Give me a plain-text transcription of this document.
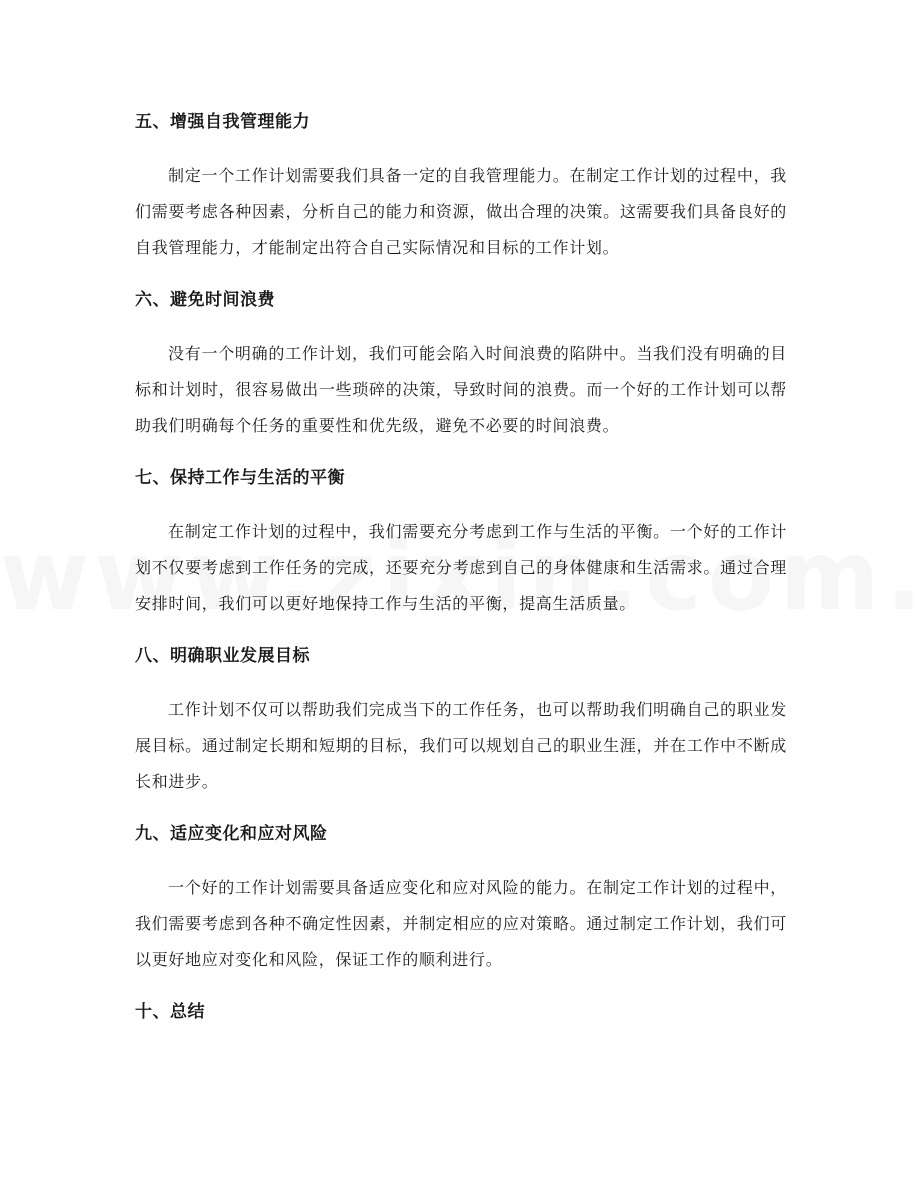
五、增强自我管理能力

制定一个工作计划需要我们具备一定的自我管理能力。在制定工作计划的过程中，我们需要考虑各种因素，分析自己的能力和资源，做出合理的决策。这需要我们具备良好的自我管理能力，才能制定出符合自己实际情况和目标的工作计划。

六、避免时间浪费

没有一个明确的工作计划，我们可能会陷入时间浪费的陷阱中。当我们没有明确的目标和计划时，很容易做出一些琐碎的决策，导致时间的浪费。而一个好的工作计划可以帮助我们明确每个任务的重要性和优先级，避免不必要的时间浪费。

七、保持工作与生活的平衡

在制定工作计划的过程中，我们需要充分考虑到工作与生活的平衡。一个好的工作计划不仅要考虑到工作任务的完成，还要充分考虑到自己的身体健康和生活需求。通过合理安排时间，我们可以更好地保持工作与生活的平衡，提高生活质量。

八、明确职业发展目标

工作计划不仅可以帮助我们完成当下的工作任务，也可以帮助我们明确自己的职业发展目标。通过制定长期和短期的目标，我们可以规划自己的职业生涯，并在工作中不断成长和进步。

九、适应变化和应对风险

一个好的工作计划需要具备适应变化和应对风险的能力。在制定工作计划的过程中，我们需要考虑到各种不确定性因素，并制定相应的应对策略。通过制定工作计划，我们可以更好地应对变化和风险，保证工作的顺利进行。

十、总结
